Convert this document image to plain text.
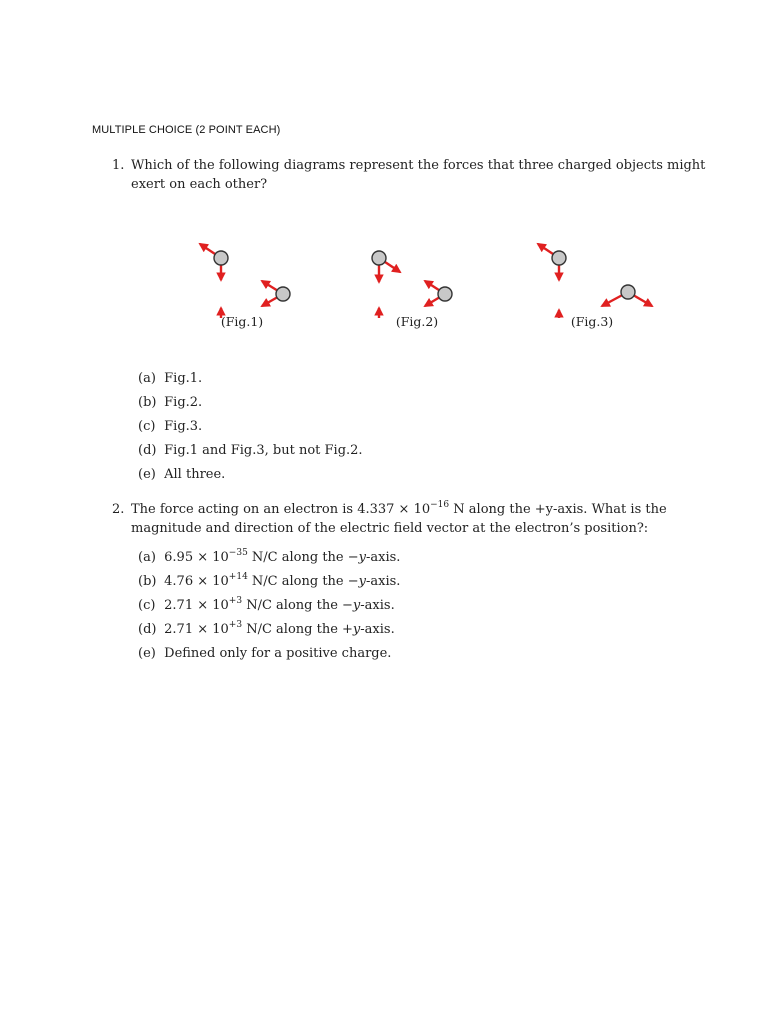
MULTIPLE CHOICE (2 POINT EACH)
1. Which of the following diagrams represent the forces that three charged objects might exert on each other?
(Fig.1)	(Fig.2)	(Fig.3)
(a) Fig.1.
(b) Fig.2.
(c) Fig.3.
(d) Fig.1 and Fig.3, but not Fig.2.
(e) All three.
2. The force acting on an electron is $4.337 \times 10^{-16}$ N along the +y-axis. What is the magnitude and direction of the electric field vector at the electron’s position?:
(a) $6.95 \times 10^{-35}$ N/C along the −y-axis.
(b) $4.76 \times 10^{+14}$ N/C along the −y-axis.
(c) $2.71 \times 10^{+3}$ N/C along the −y-axis.
(d) $2.71 \times 10^{+3}$ N/C along the +y-axis.
(e) Defined only for a positive charge.
